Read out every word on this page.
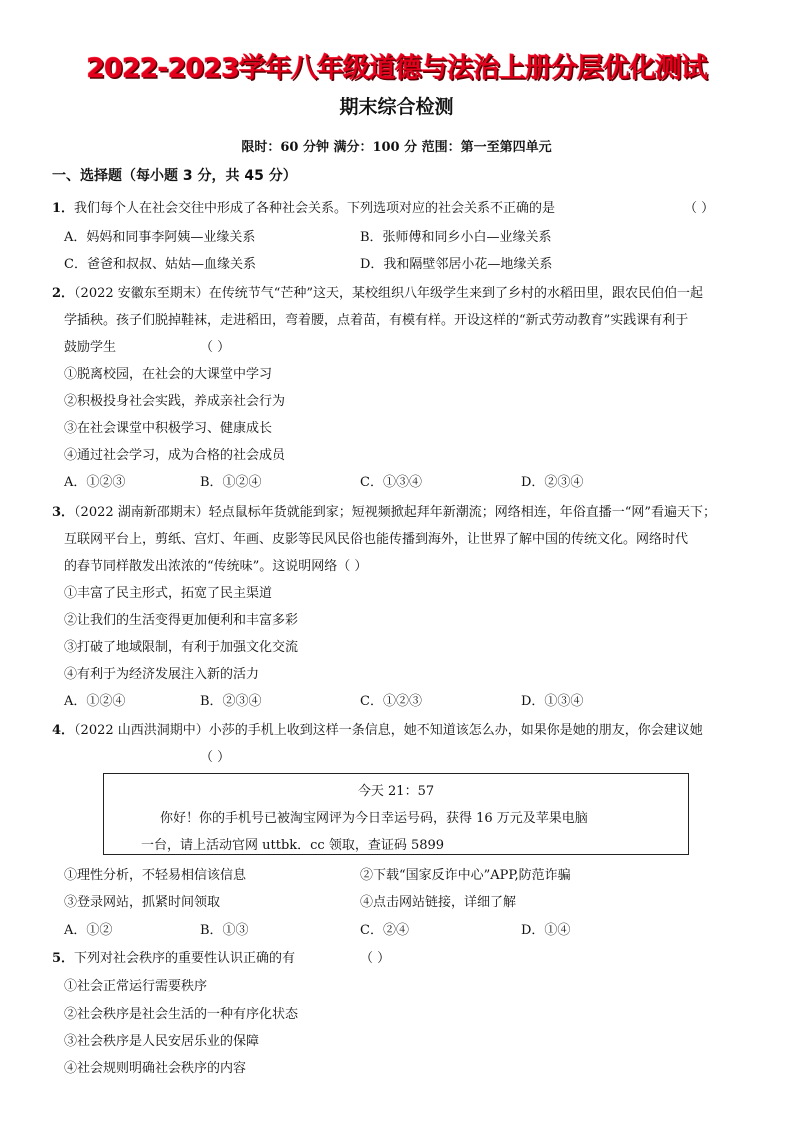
2022-2023学年八年级道德与法治上册分层优化测试
期末综合检测
限时：60 分钟 满分：100 分 范围：第一至第四单元
一、选择题（每小题 3 分，共 45 分）
1．我们每个人在社会交往中形成了各种社会关系。下列选项对应的社会关系不正确的是	（ ）
A．妈妈和同事李阿姨—业缘关系	B．张师傅和同乡小白—业缘关系
C．爸爸和叔叔、姑姑—血缘关系	D．我和隔壁邻居小花—地缘关系
2．（2022 安徽东至期末）在传统节气“芒种”这天，某校组织八年级学生来到了乡村的水稻田里，跟农民伯伯一起
学插秧。孩子们脱掉鞋袜，走进稻田，弯着腰，点着苗，有模有样。开设这样的“新式劳动教育”实践课有利于
鼓励学生	（ ）
①脱离校园，在社会的大课堂中学习
②积极投身社会实践，养成亲社会行为
③在社会课堂中积极学习、健康成长
④通过社会学习，成为合格的社会成员
A．①②③	B．①②④	C．①③④	D．②③④
3．（2022 湖南新邵期末）轻点鼠标年货就能到家；短视频掀起拜年新潮流；网络相连，年俗直播一“网”看遍天下；
互联网平台上，剪纸、宫灯、年画、皮影等民风民俗也能传播到海外，让世界了解中国的传统文化。网络时代
的春节同样散发出浓浓的“传统味”。这说明网络（ ）
①丰富了民主形式，拓宽了民主渠道
②让我们的生活变得更加便利和丰富多彩
③打破了地域限制，有利于加强文化交流
④有利于为经济发展注入新的活力
A．①②④	B．②③④	C．①②③	D．①③④
4．（2022 山西洪洞期中）小莎的手机上收到这样一条信息，她不知道该怎么办，如果你是她的朋友，你会建议她
（ ）
今天 21：57
你好！你的手机号已被淘宝网评为今日幸运号码，获得 16 万元及苹果电脑
一台，请上活动官网 uttbk．cc 领取，查证码 5899
①理性分析，不轻易相信该信息	②下载“国家反诈中心”APP,防范诈骗
③登录网站，抓紧时间领取	④点击网站链接，详细了解
A．①②	B．①③	C．②④	D．①④
5．下列对社会秩序的重要性认识正确的有	（ ）
①社会正常运行需要秩序
②社会秩序是社会生活的一种有序化状态
③社会秩序是人民安居乐业的保障
④社会规则明确社会秩序的内容
